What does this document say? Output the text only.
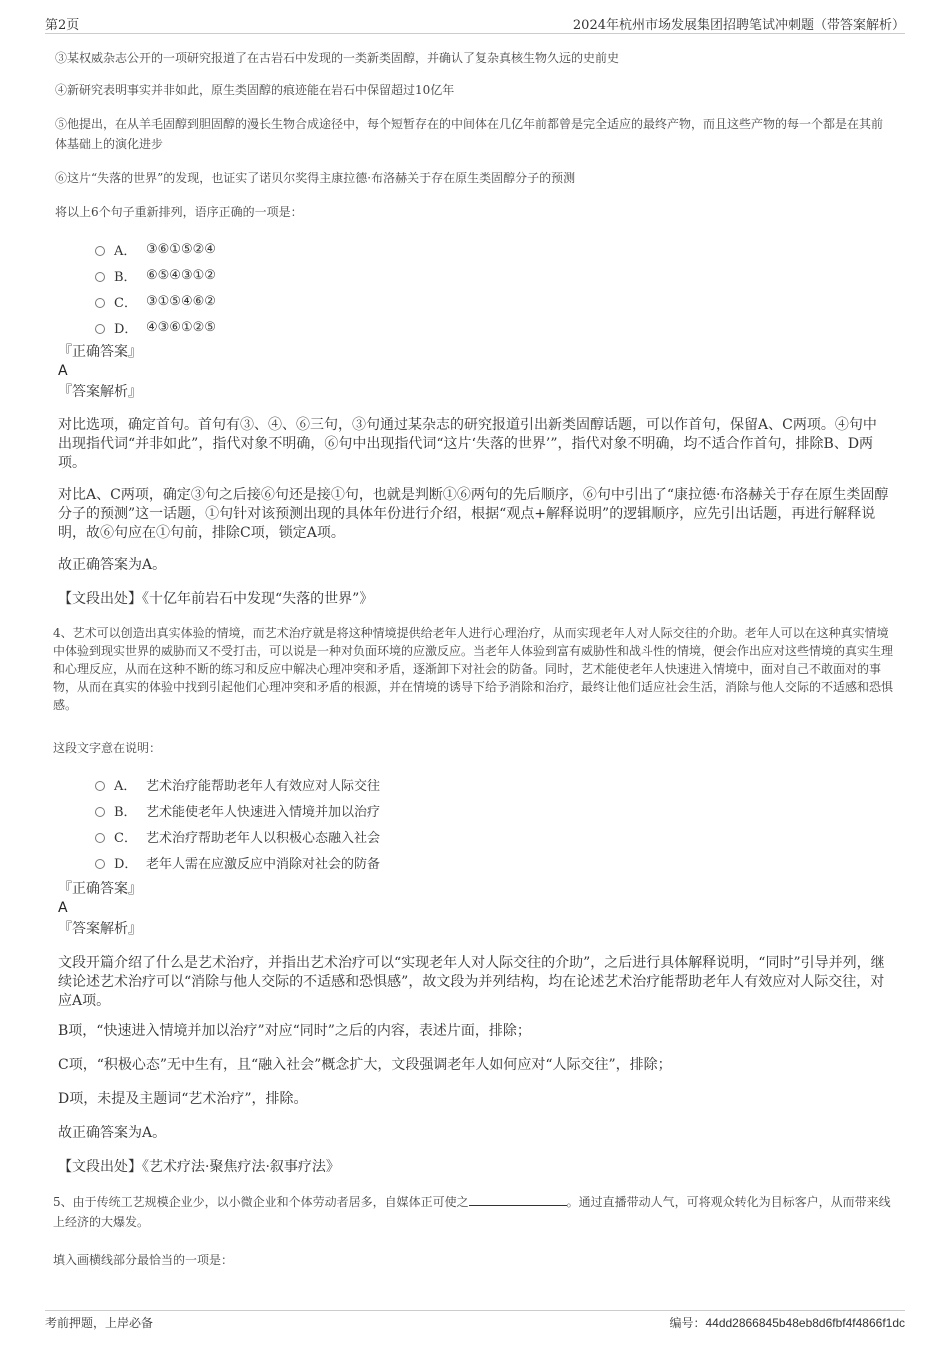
第2页	2024年杭州市场发展集团招聘笔试冲刺题（带答案解析）

③某权威杂志公开的一项研究报道了在古岩石中发现的一类新类固醇，并确认了复杂真核生物久远的史前史

④新研究表明事实并非如此，原生类固醇的痕迹能在岩石中保留超过10亿年

⑤他提出，在从羊毛固醇到胆固醇的漫长生物合成途径中，每个短暂存在的中间体在几亿年前都曾是完全适应的最终产物，而且这些产物的每一个都是在其前体基础上的演化进步

⑥这片“失落的世界”的发现，也证实了诺贝尔奖得主康拉德·布洛赫关于存在原生类固醇分子的预测

将以上6个句子重新排列，语序正确的一项是：

A． ③⑥①⑤②④
B． ⑥⑤④③①②
C． ③①⑤④⑥②
D． ④③⑥①②⑤

『正确答案』

A

『答案解析』

对比选项，确定首句。首句有③、④、⑥三句，③句通过某杂志的研究报道引出新类固醇话题，可以作首句，保留A、C两项。④句中出现指代词“并非如此”，指代对象不明确，⑥句中出现指代词“这片‘失落的世界’”，指代对象不明确，均不适合作首句，排除B、D两项。

对比A、C两项，确定③句之后接⑥句还是接①句，也就是判断①⑥两句的先后顺序，⑥句中引出了“康拉德·布洛赫关于存在原生类固醇分子的预测”这一话题，①句针对该预测出现的具体年份进行介绍，根据“观点+解释说明”的逻辑顺序，应先引出话题，再进行解释说明，故⑥句应在①句前，排除C项，锁定A项。

故正确答案为A。

【文段出处】《十亿年前岩石中发现“失落的世界”》

4、艺术可以创造出真实体验的情境，而艺术治疗就是将这种情境提供给老年人进行心理治疗，从而实现老年人对人际交往的介助。老年人可以在这种真实情境中体验到现实世界的威胁而又不受打击，可以说是一种对负面环境的应激反应。当老年人体验到富有威胁性和战斗性的情境，便会作出应对这些情境的真实生理和心理反应，从而在这种不断的练习和反应中解决心理冲突和矛盾，逐渐卸下对社会的防备。同时，艺术能使老年人快速进入情境中，面对自己不敢面对的事物，从而在真实的体验中找到引起他们心理冲突和矛盾的根源，并在情境的诱导下给予消除和治疗，最终让他们适应社会生活，消除与他人交际的不适感和恐惧感。

这段文字意在说明：

A． 艺术治疗能帮助老年人有效应对人际交往
B． 艺术能使老年人快速进入情境并加以治疗
C． 艺术治疗帮助老年人以积极心态融入社会
D． 老年人需在应激反应中消除对社会的防备

『正确答案』

A

『答案解析』

文段开篇介绍了什么是艺术治疗，并指出艺术治疗可以“实现老年人对人际交往的介助”，之后进行具体解释说明，“同时”引导并列，继续论述艺术治疗可以“消除与他人交际的不适感和恐惧感”，故文段为并列结构，均在论述艺术治疗能帮助老年人有效应对人际交往，对应A项。

B项，“快速进入情境并加以治疗”对应“同时”之后的内容，表述片面，排除；

C项，“积极心态”无中生有，且“融入社会”概念扩大，文段强调老年人如何应对“人际交往”，排除；

D项，未提及主题词“艺术治疗”，排除。

故正确答案为A。

【文段出处】《艺术疗法·聚焦疗法·叙事疗法》

5、由于传统工艺规模企业少，以小微企业和个体劳动者居多，自媒体正可使之	。通过直播带动人气，可将观众转化为目标客户，从而带来线上经济的大爆发。

填入画横线部分最恰当的一项是：

考前押题，上岸必备	编号：44dd2866845b48eb8d6fbf4f4866f1dc
